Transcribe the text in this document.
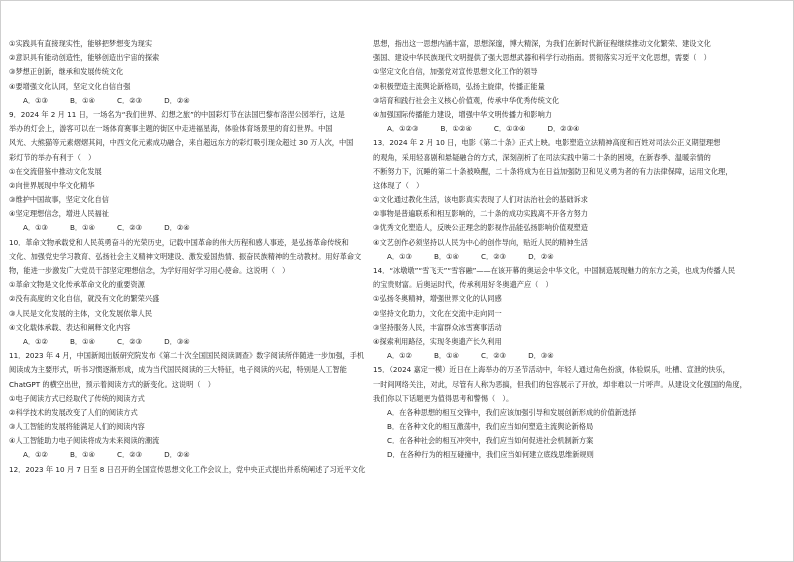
①实践具有直接现实性，能够把梦想变为现实
②意识具有能动创造性，能够创造出宇宙的探索
③梦想正创新，继承和发展传统文化
④要增强文化认同，坚定文化自信自强
A．①③	B．①④	C．②③	D．②④
9．2024 年 2 月 11 日，一场名为“我们世界、幻想之旅”的中国彩灯节在法国巴黎布洛涅公园举行，这是
举办的灯会上，游客可以在一场体育赛事主题的街区中走进福星海，体验体育场景里的育幻世界。中国
风光、大熊猫等元素熠熠其间，中西文化元素成功融合，来自超远东方的彩灯吸引现众超过 30 万人次，中国
彩灯节的举办有利于（　）
①在交流借鉴中推动文化发展
②向世界展现中华文化精华
③维护中国故事，坚定文化自信
④坚定理想信念，增进人民福祉
A．①③	B．①④	C．②③	D．②④
10．革命文物承载党和人民英勇奋斗的光荣历史，记载中国革命的伟大历程和感人事迹，是弘扬革命传统和
文化、加强党史学习教育、弘扬社会主义精神文明建设、激发爱国热情、振奋民族精神的生动教材。用好革命文
物，能进一步激发广大党员干部坚定理想信念，为学好用好学习用心使命。这说明（　）
①革命文物是文化传承革命文化的重要资源
②没有高度的文化自信，就没有文化的繁荣兴盛
③人民是文化发展的主体，文化发展依靠人民
④文化载体承载、表达和阐释文化内容
A．①②	B．①④	C．②③	D．③④
11．2023 年 4 月，中国新闻出版研究院发布《第二十次全国国民阅读调查》数字阅读所伴随进一步加强，手机
阅读成为主要形式，听书习惯逐渐形成，成为当代国民阅读的三大特征，电子阅读的兴起，特别是人工智能
ChatGPT 的横空出世，预示着阅读方式的新变化。这说明（　）
①电子阅读方式已经取代了传统的阅读方式
②科学技术的发展改变了人们的阅读方式
③人工智能的发展将能满足人们的阅读内容
④人工智能助力电子阅读将成为未来阅读的潮流
A．①②	B．①④	C．②③	D．②④
12．2023 年 10 月 7 日至 8 日召开的全国宣传思想文化工作会议上，党中央正式提出并系统阐述了习近平文化
思想，指出这一思想内涵丰富，思想深邃，博大精深，为我们在新时代新征程继续推动文化繁荣、建设文化
强国、建设中华民族现代文明提供了强大思想武器和科学行动指南。贯彻落实习近平文化思想，需要（　）
①坚定文化自信，加强党对宣传思想文化工作的领导
②积极塑造主流舆论新格局，弘扬主旋律，传播正能量
③培育和践行社会主义核心价值观，传承中华优秀传统文化
④加强国际传播能力建设，增强中华文明传播力和影响力
A．①②③	B．①②④	C．①③④	D．②③④
13．2024 年 2 月 10 日，电影《第二十条》正式上映。电影塑造立法精神高度和百姓对司法公正义期望理想
的观角，采用轻喜剧和悬疑融合的方式，深刻剖析了在司法实践中第二十条的困境，在新春季、温暖亲情的
不断努力下，沉睡的第二十条被唤醒，二十条将成为在日益加强防卫和见义勇为者的有力法律保障，运用文化理，
这体现了（　）
①文化通过教化生活，该电影真实表现了人们对法治社会的基础诉求
②事物是普遍联系和相互影响的，二十条的成功实践离不开各方努力
③优秀文化塑造人，反映公正理念的影视作品能弘扬影响价值观塑造
④文艺创作必须坚持以人民为中心的创作导向，贴近人民的精神生活
A．①③	B．①④	C．②③	D．②④
14．“冰墩墩”“雪飞天”“雪容融”——在该开幕的奥运会中华文化，中国制造展现魅力的东方之美，也成为传播人民
的宝贵财富。后奥运时代，传承利用好冬奥遗产应（　）
①弘扬冬奥精神，增强世界文化的认同感
②坚持文化助力，文化在交流中走向同一
③坚持服务人民，丰富群众冰雪赛事活动
④探索利用路径，实现冬奥遗产长久利用
A．①②	B．①④	C．②③	D．③④
15．（2024 嘉定一模）近日在上海举办的万圣节活动中，年轻人通过角色扮演，体验娱乐，吐槽、宣泄的快乐，
一时间网络关注，对此，尽管有人称为恶搞，但我们的包容展示了开放，却非难以一片呼声。从建设文化强国的角度，
我们你以下话题更为值得思考和警惕（　）。
A．在各种思想的相互交锋中，我们应该加强引导和发展创新形成的价值新选择
B．在各种文化的相互激荡中，我们应当如何塑造主流舆论新格局
C．在各种社会的相互冲突中，我们应当如何促进社会机制新方案
D．在各种行为的相互碰撞中，我们应当如何建立底线思维新规则
